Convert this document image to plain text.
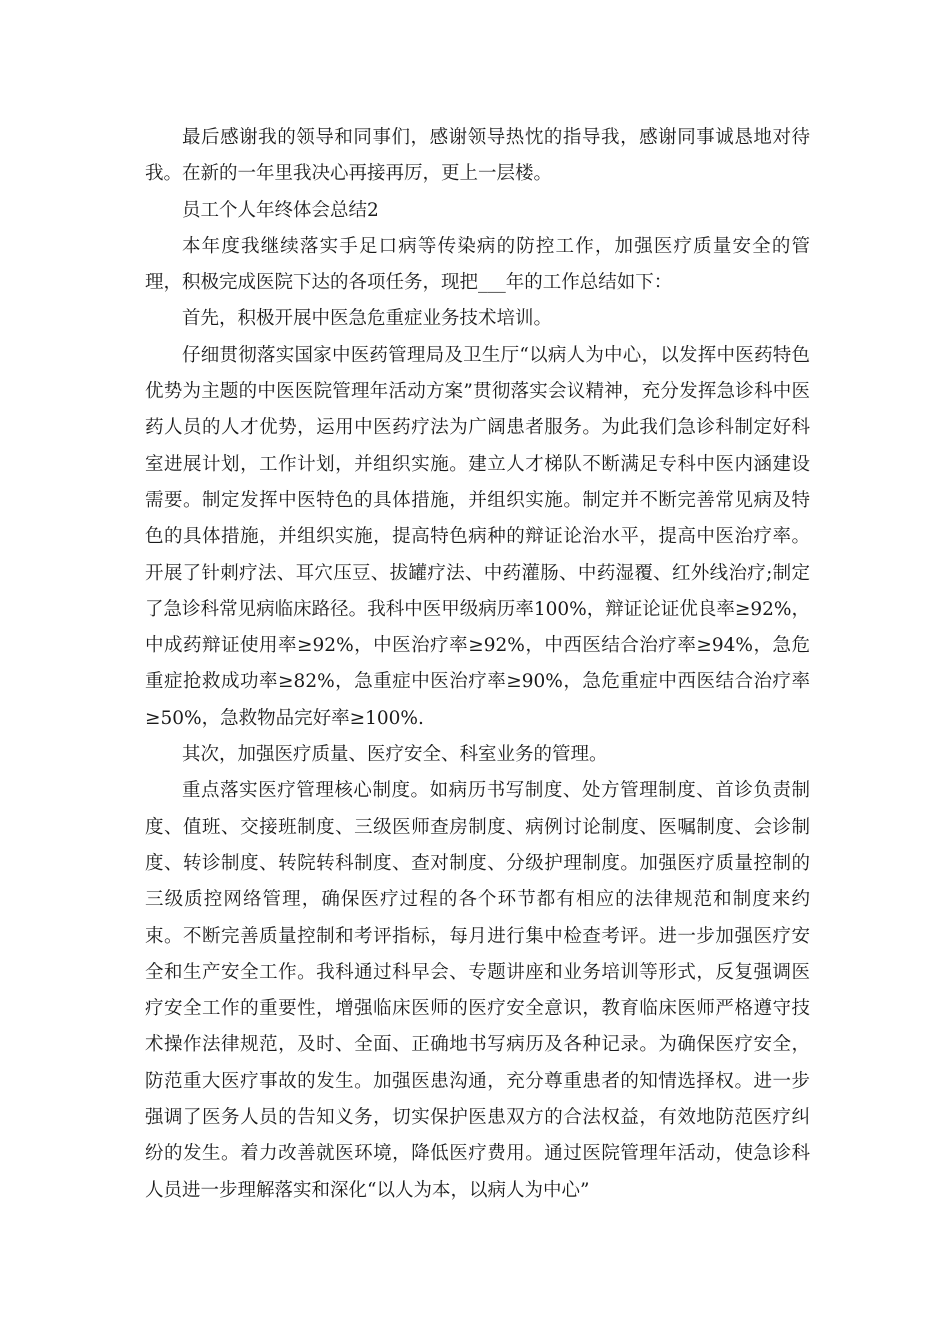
最后感谢我的领导和同事们，感谢领导热忱的指导我，感谢同事诚恳地对待我。在新的一年里我决心再接再厉，更上一层楼。

员工个人年终体会总结2

本年度我继续落实手足口病等传染病的防控工作，加强医疗质量安全的管理，积极完成医院下达的各项任务，现把___年的工作总结如下：

首先，积极开展中医急危重症业务技术培训。

仔细贯彻落实国家中医药管理局及卫生厅“以病人为中心，以发挥中医药特色优势为主题的中医医院管理年活动方案”贯彻落实会议精神，充分发挥急诊科中医药人员的人才优势，运用中医药疗法为广阔患者服务。为此我们急诊科制定好科室进展计划，工作计划，并组织实施。建立人才梯队不断满足专科中医内涵建设需要。制定发挥中医特色的具体措施，并组织实施。制定并不断完善常见病及特色的具体措施，并组织实施，提高特色病种的辩证论治水平，提高中医治疗率。开展了针刺疗法、耳穴压豆、拔罐疗法、中药灌肠、中药湿覆、红外线治疗;制定了急诊科常见病临床路径。我科中医甲级病历率100%，辩证论证优良率≥92%，中成药辩证使用率≥92%，中医治疗率≥92%，中西医结合治疗率≥94%，急危重症抢救成功率≥82%，急重症中医治疗率≥90%，急危重症中西医结合治疗率≥50%，急救物品完好率≥100%.

其次，加强医疗质量、医疗安全、科室业务的管理。

重点落实医疗管理核心制度。如病历书写制度、处方管理制度、首诊负责制度、值班、交接班制度、三级医师查房制度、病例讨论制度、医嘱制度、会诊制度、转诊制度、转院转科制度、查对制度、分级护理制度。加强医疗质量控制的三级质控网络管理，确保医疗过程的各个环节都有相应的法律规范和制度来约束。不断完善质量控制和考评指标，每月进行集中检查考评。进一步加强医疗安全和生产安全工作。我科通过科早会、专题讲座和业务培训等形式，反复强调医疗安全工作的重要性，增强临床医师的医疗安全意识，教育临床医师严格遵守技术操作法律规范，及时、全面、正确地书写病历及各种记录。为确保医疗安全，防范重大医疗事故的发生。加强医患沟通，充分尊重患者的知情选择权。进一步强调了医务人员的告知义务，切实保护医患双方的合法权益，有效地防范医疗纠纷的发生。着力改善就医环境，降低医疗费用。通过医院管理年活动，使急诊科人员进一步理解落实和深化“以人为本，以病人为中心”
